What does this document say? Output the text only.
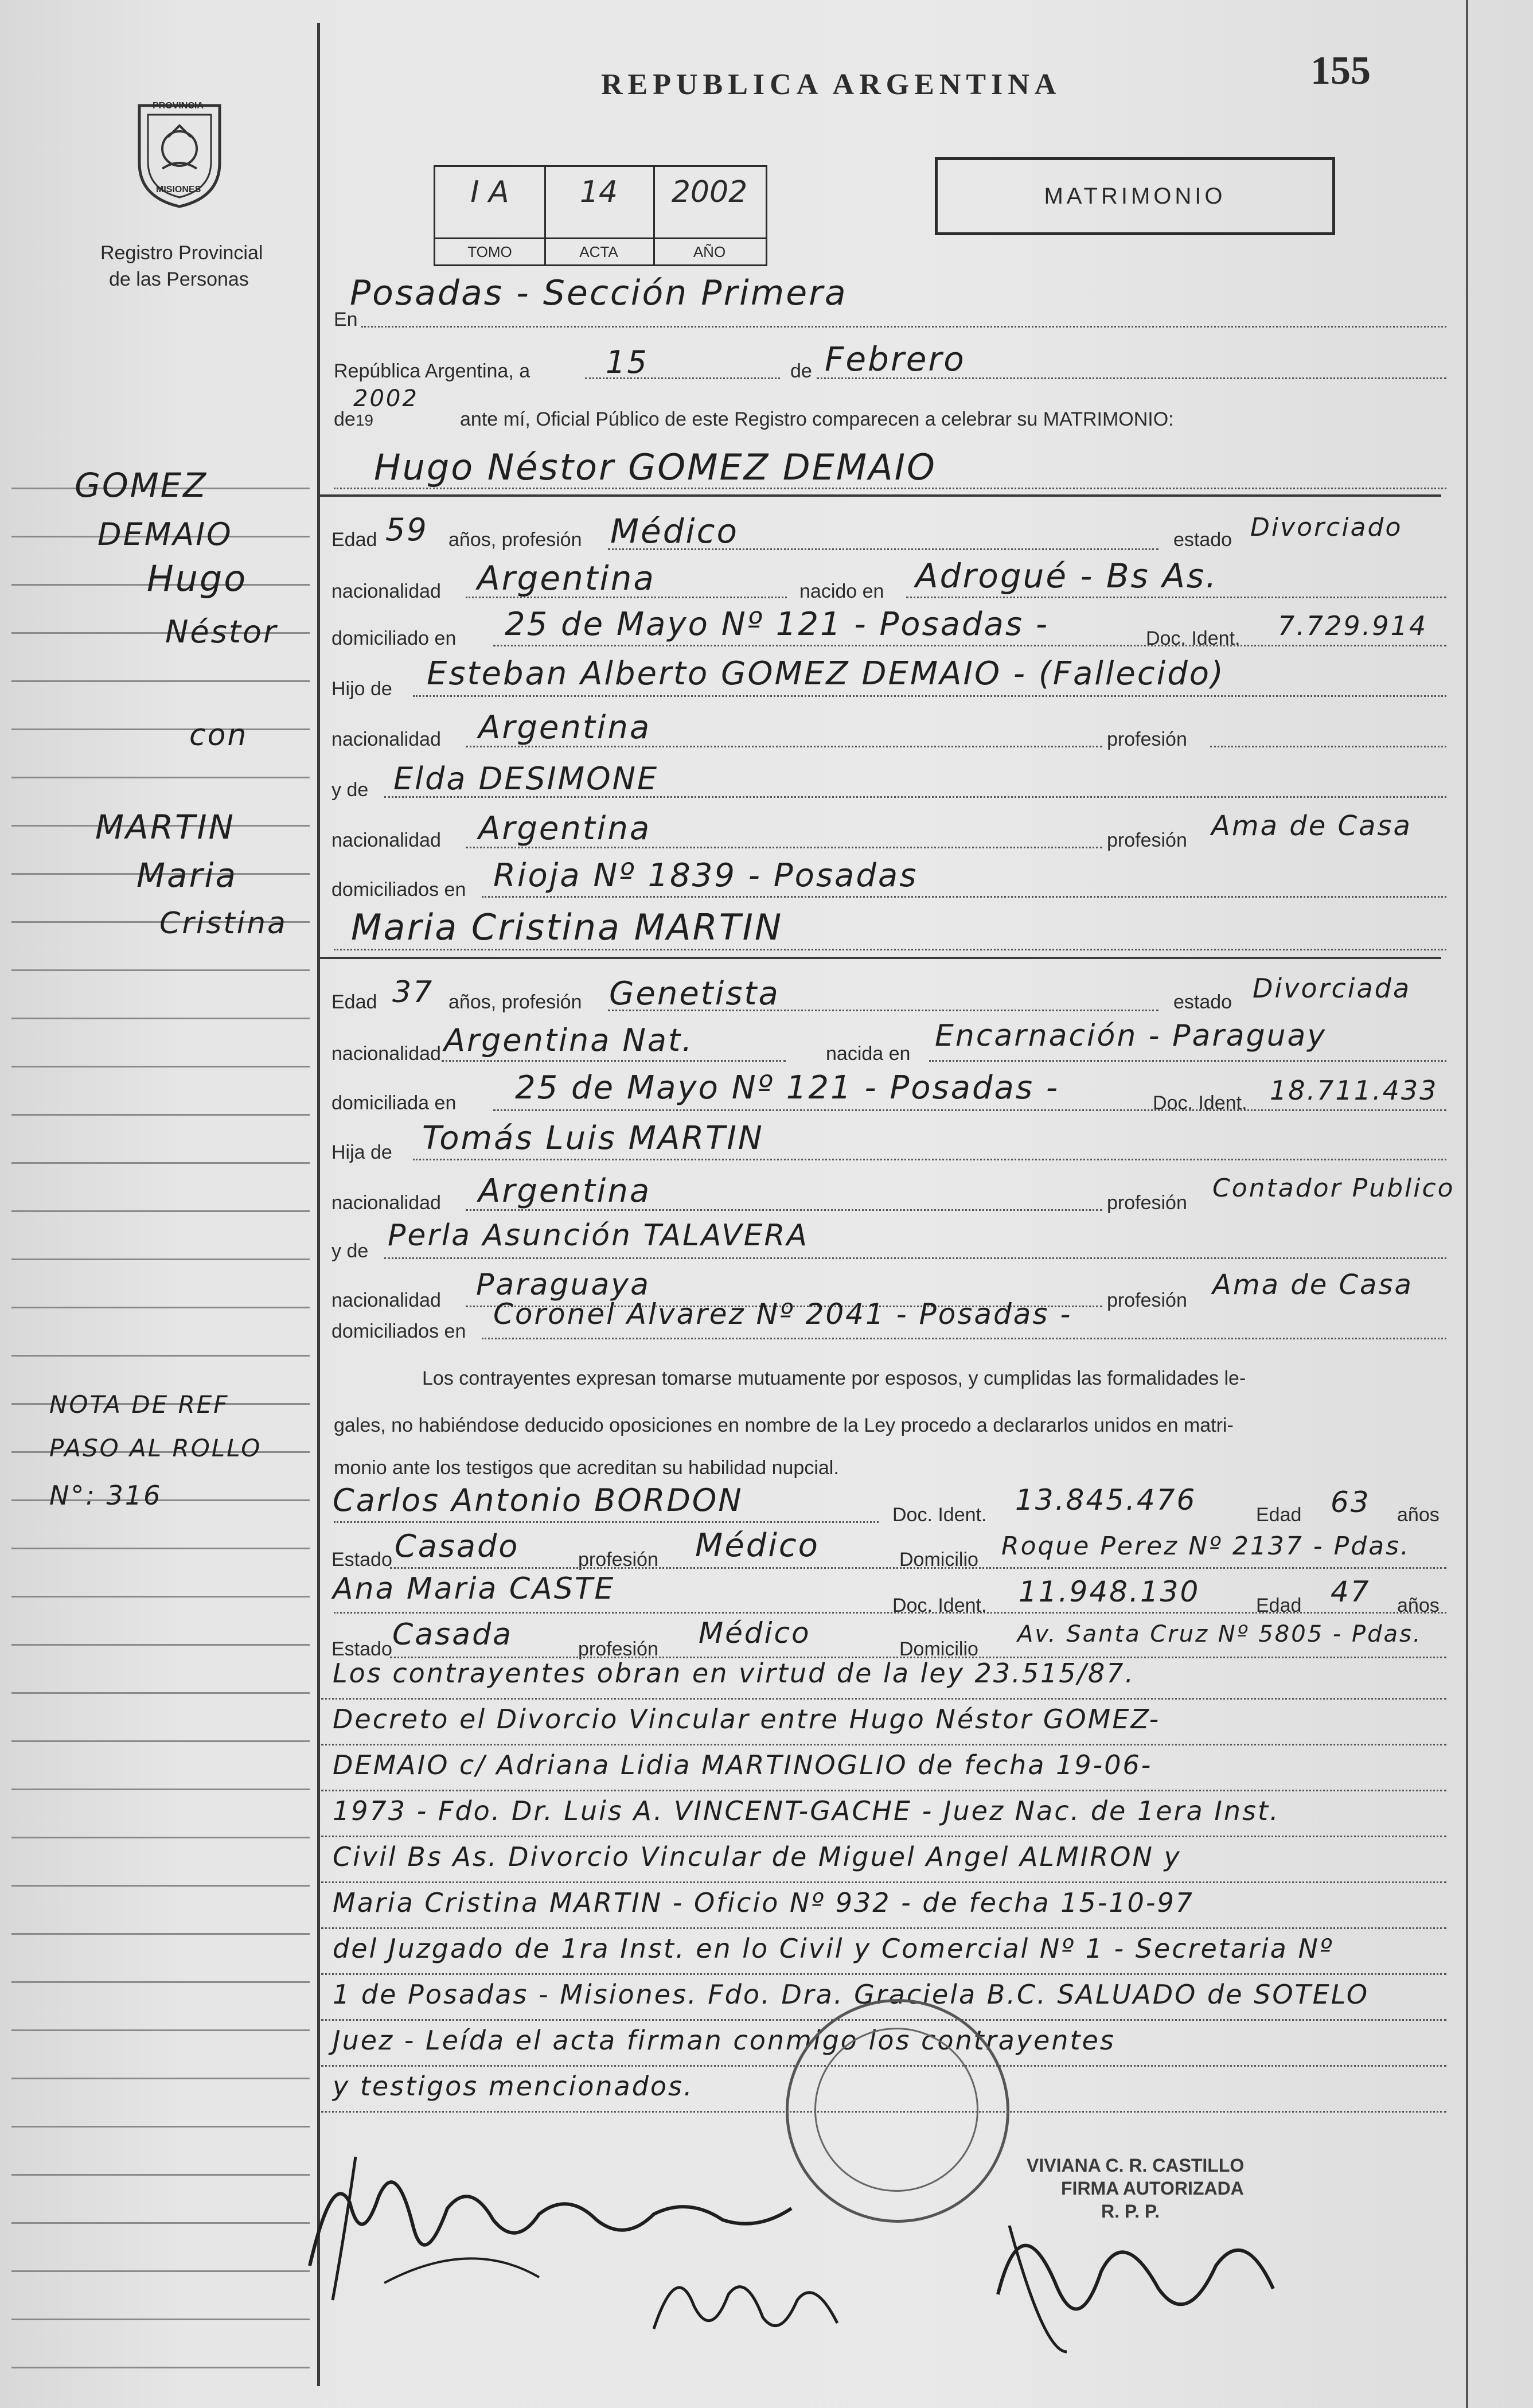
REPUBLICA ARGENTINA	155
PROVINCIA
MISIONES
Registro Provincial
de las Personas
MATRIMONIO
I A
TOMO
14
ACTA
2002
AÑO
GOMEZ
DEMAIO
Hugo
Néstor
con
MARTIN
Maria
Cristina
NOTA DE REF
PASO AL ROLLO
N°: 316
En
Posadas - Sección Primera
República Argentina, a 15	de Febrero
de19
2002
ante mí, Oficial Público de este Registro comparecen a celebrar su MATRIMONIO:
Hugo Néstor GOMEZ DEMAIO
Edad 59 años, profesión Médico	estado Divorciado
nacionalidad Argentina	nacido en Adrogué - Bs As.
domiciliado en 25 de Mayo Nº 121 - Posadas -	Doc. Ident. 7.729.914
Hijo de Esteban Alberto GOMEZ DEMAIO - (Fallecido)
nacionalidad Argentina	profesión
y de Elda DESIMONE
nacionalidad Argentina	profesión Ama de Casa
domiciliados en Rioja Nº 1839 - Posadas
Maria Cristina MARTIN
Edad 37 años, profesión Genetista	estado Divorciada
nacionalidad Argentina Nat.	nacida en
Encarnación - Paraguay
domiciliada en 25 de Mayo Nº 121 - Posadas -	Doc. Ident. 18.711.433
Hija de Tomás Luis MARTIN
nacionalidad Argentina	profesión Contador Publico
y de Perla Asunción TALAVERA
nacionalidad Paraguaya	profesión Ama de Casa
domiciliados en
Coronel Alvarez Nº 2041 - Posadas -
Los contrayentes expresan tomarse mutuamente por esposos, y cumplidas las formalidades le-
gales, no habiéndose deducido oposiciones en nombre de la Ley procedo a declararlos unidos en matri-
monio ante los testigos que acreditan su habilidad nupcial.
Carlos Antonio BORDON	Doc. Ident. 13.845.476	Edad 63 años
Estado Casado	profesión Médico	Domicilio Roque Perez Nº 2137 - Pdas.
Ana Maria CASTE	Doc. Ident. 11.948.130	Edad 47 años
Estado Casada	profesión Médico	Domicilio
Av. Santa Cruz Nº 5805 - Pdas.
Los contrayentes obran en virtud de la ley 23.515/87.
Decreto el Divorcio Vincular entre Hugo Néstor GOMEZ-
DEMAIO c/ Adriana Lidia MARTINOGLIO de fecha 19-06-
1973 - Fdo. Dr. Luis A. VINCENT-GACHE - Juez Nac. de 1era Inst.
Civil Bs As. Divorcio Vincular de Miguel Angel ALMIRON y
Maria Cristina MARTIN - Oficio Nº 932 - de fecha 15-10-97
del Juzgado de 1ra Inst. en lo Civil y Comercial Nº 1 - Secretaria Nº
1 de Posadas - Misiones. Fdo. Dra. Graciela B.C. SALUADO de SOTELO
Juez - Leída el acta firman conmigo los contrayentes
y testigos mencionados.
VIVIANA C. R. CASTILLO
FIRMA AUTORIZADA
R. P. P.
